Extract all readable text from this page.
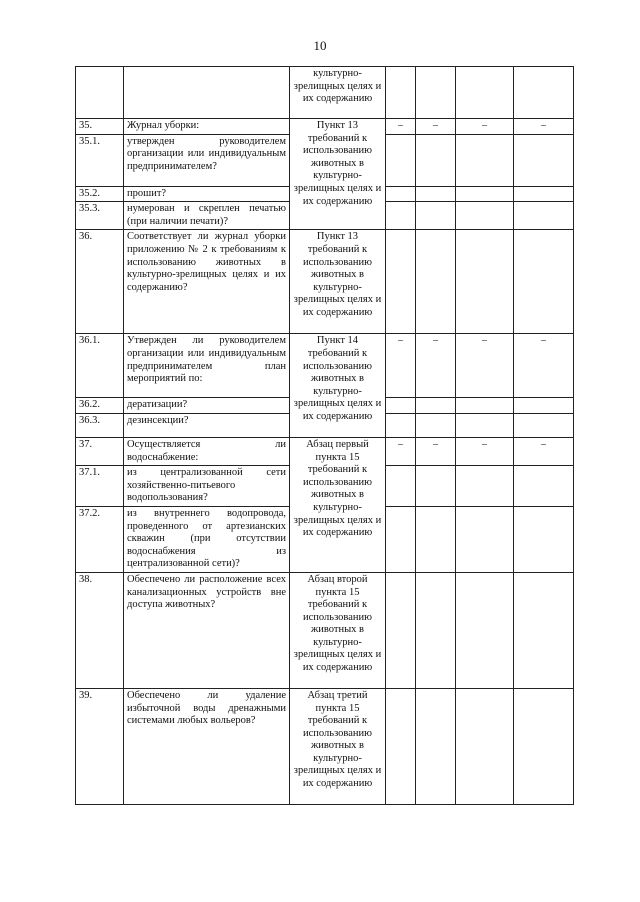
10
		культурно-зрелищных целях и их содержанию				
35.	Журнал уборки:	Пункт 13 требований к использованию животных в культурно-зрелищных целях и их содержанию	–	–	–	–
35.1.	утвержден руководителем организации или индивидуальным предпринимателем?					
35.2.	прошит?					
35.3.	нумерован и скреплен печатью (при наличии печати)?					
36.	Соответствует ли журнал уборки приложению № 2 к требованиям к использованию животных в культурно-зрелищных целях и их содержанию?	Пункт 13 требований к использованию животных в культурно-зрелищных целях и их содержанию				
36.1.	Утвержден ли руководителем организации или индивидуальным предпринимателем план мероприятий по:	Пункт 14 требований к использованию животных в культурно-зрелищных целях и их содержанию	–	–	–	–
36.2.	дератизации?					
36.3.	дезинсекции?					
37.	Осуществляется ли водоснабжение:	Абзац первый пункта 15 требований к использованию животных в культурно-зрелищных целях и их содержанию	–	–	–	–
37.1.	из централизованной сети хозяйственно-питьевого водопользования?					
37.2.	из внутреннего водопровода, проведенного от артезианских скважин (при отсутствии водоснабжения из централизованной сети)?					
38.	Обеспечено ли расположение всех канализационных устройств вне доступа животных?	Абзац второй пункта 15 требований к использованию животных в культурно-зрелищных целях и их содержанию				
39.	Обеспечено ли удаление избыточной воды дренажными системами любых вольеров?	Абзац третий пункта 15 требований к использованию животных в культурно-зрелищных целях и их содержанию				
